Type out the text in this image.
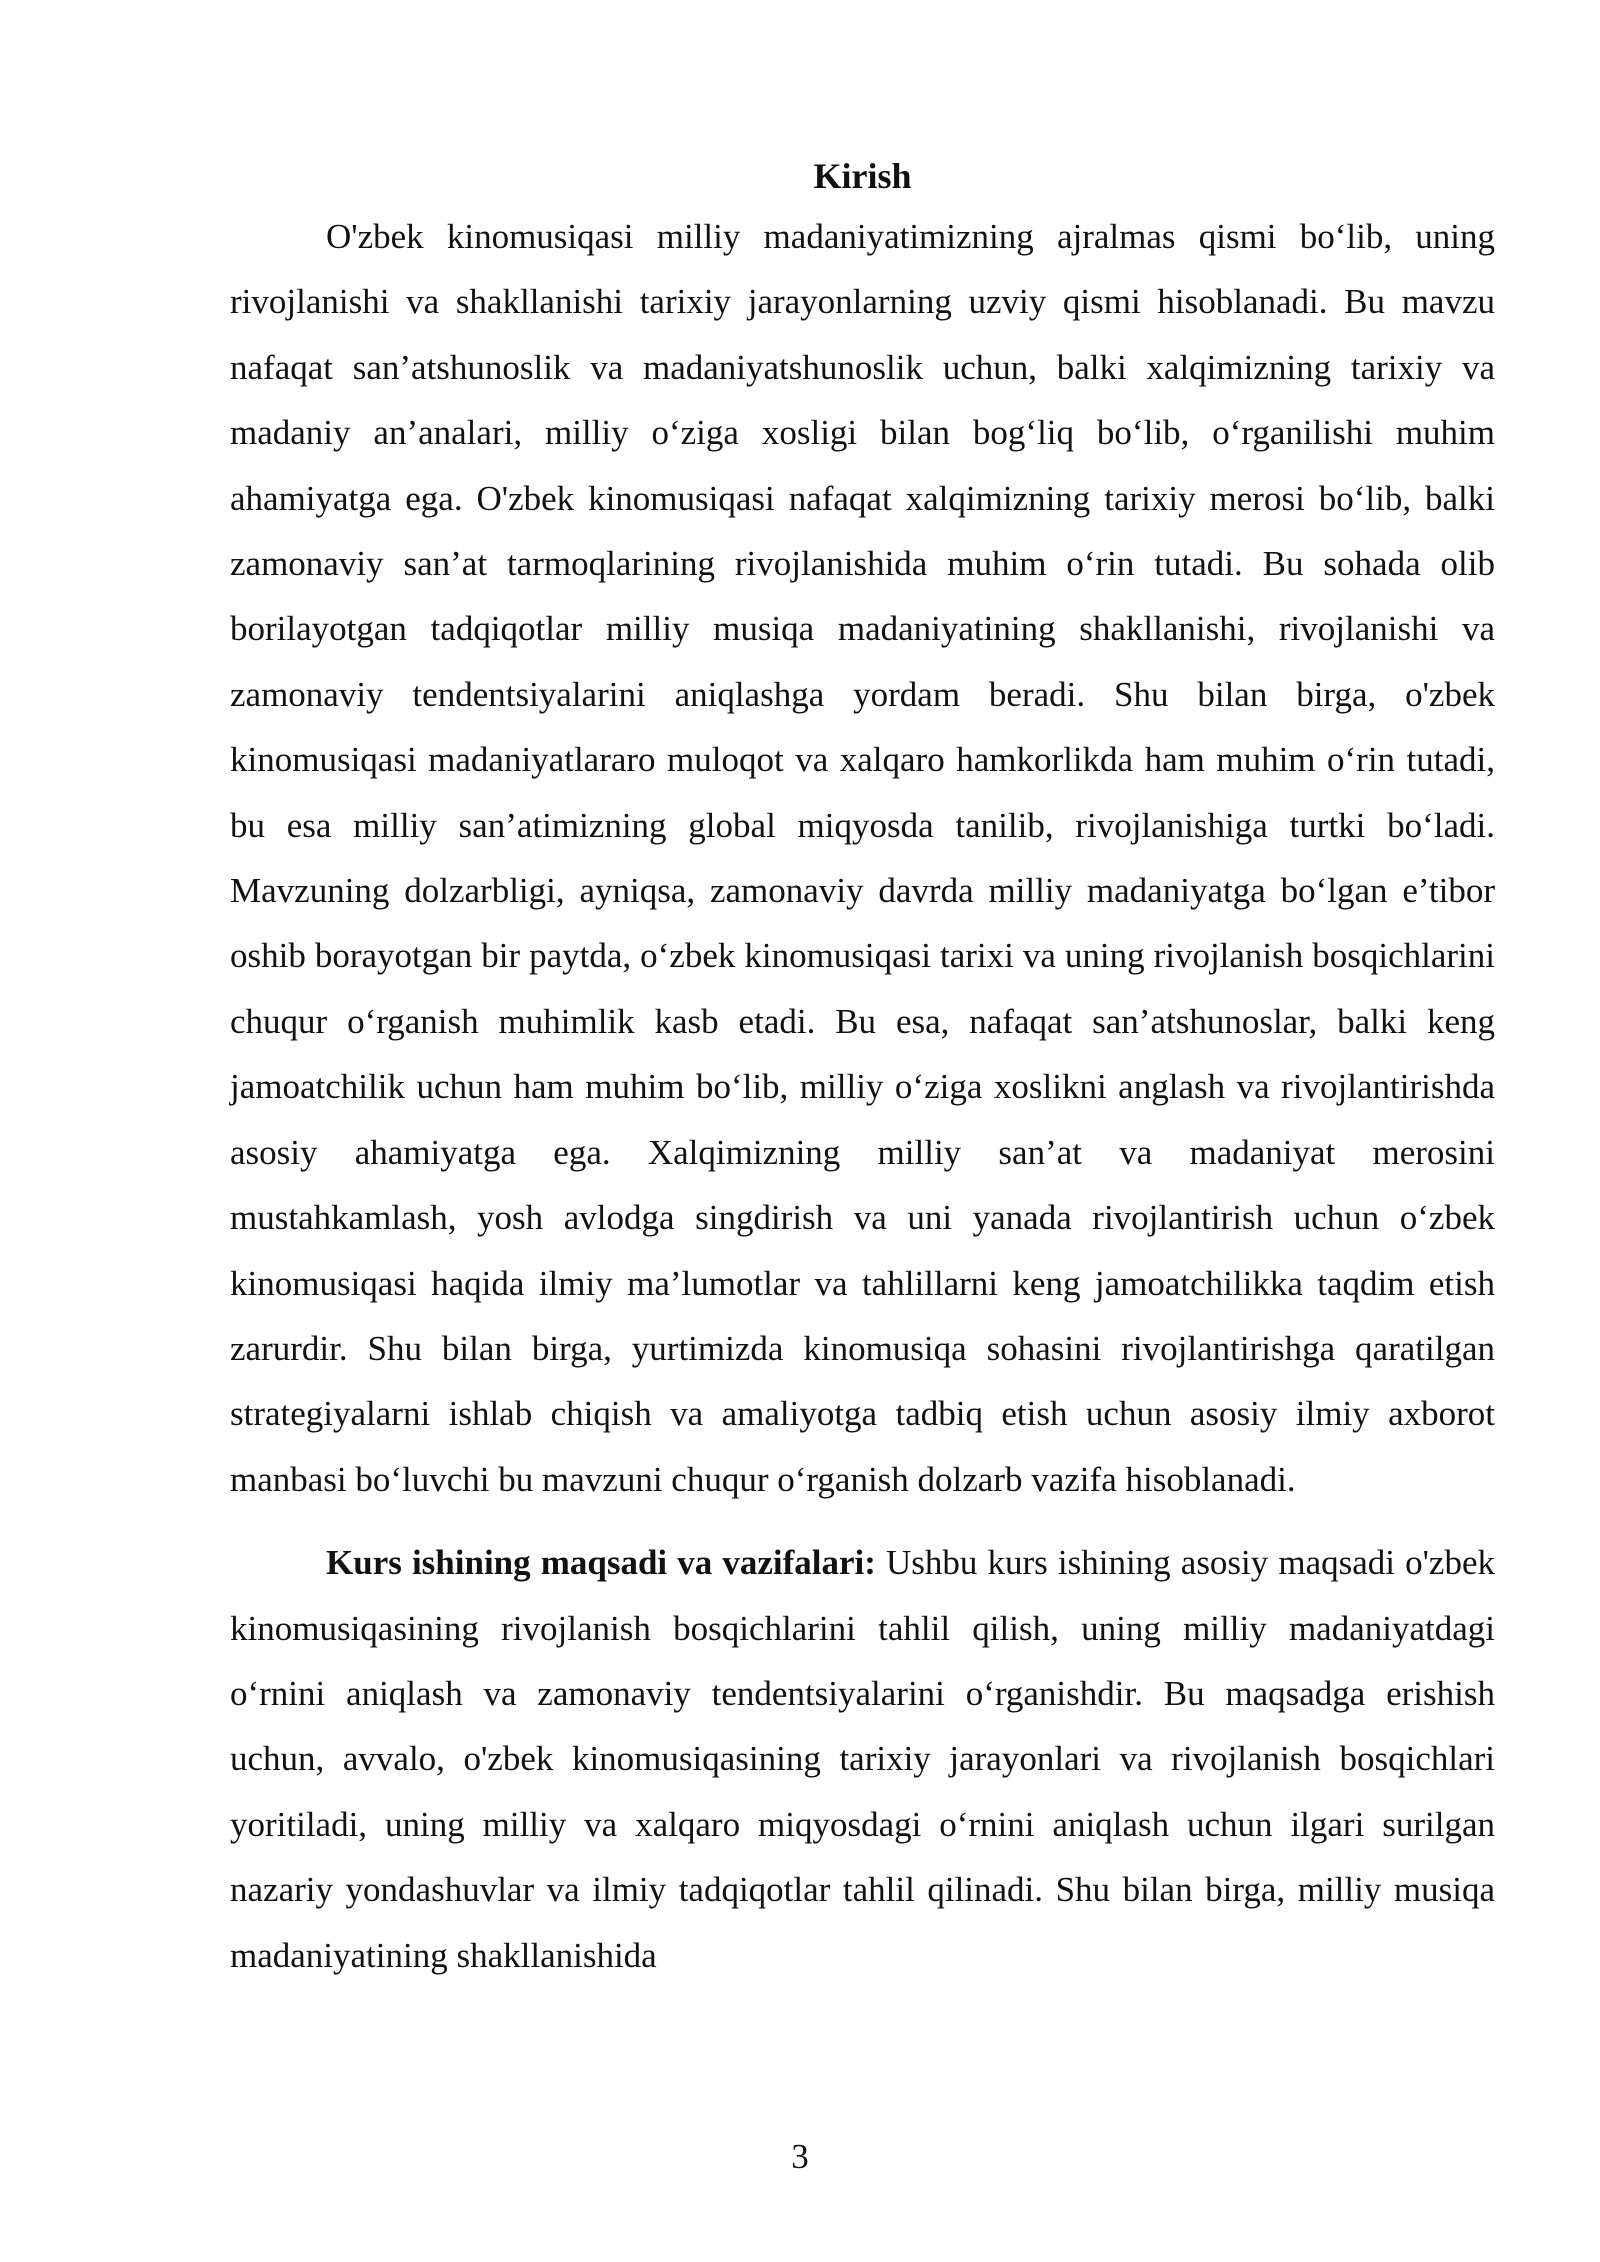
Kirish

O'zbek kinomusiqasi milliy madaniyatimizning ajralmas qismi bo‘lib, uning rivojlanishi va shakllanishi tarixiy jarayonlarning uzviy qismi hisoblanadi. Bu mavzu nafaqat san’atshunoslik va madaniyatshunoslik uchun, balki xalqimizning tarixiy va madaniy an’analari, milliy o‘ziga xosligi bilan bog‘liq bo‘lib, o‘rganilishi muhim ahamiyatga ega. O'zbek kinomusiqasi nafaqat xalqimizning tarixiy merosi bo‘lib, balki zamonaviy san’at tarmoqlarining rivojlanishida muhim o‘rin tutadi. Bu sohada olib borilayotgan tadqiqotlar milliy musiqa madaniyatining shakllanishi, rivojlanishi va zamonaviy tendentsiyalarini aniqlashga yordam beradi. Shu bilan birga, o'zbek kinomusiqasi madaniyatlararo muloqot va xalqaro hamkorlikda ham muhim o‘rin tutadi, bu esa milliy san’atimizning global miqyosda tanilib, rivojlanishiga turtki bo‘ladi. Mavzuning dolzarbligi, ayniqsa, zamonaviy davrda milliy madaniyatga bo‘lgan e’tibor oshib borayotgan bir paytda, o‘zbek kinomusiqasi tarixi va uning rivojlanish bosqichlarini chuqur o‘rganish muhimlik kasb etadi. Bu esa, nafaqat san’atshunoslar, balki keng jamoatchilik uchun ham muhim bo‘lib, milliy o‘ziga xoslikni anglash va rivojlantirishda asosiy ahamiyatga ega. Xalqimizning milliy san’at va madaniyat merosini mustahkamlash, yosh avlodga singdirish va uni yanada rivojlantirish uchun o‘zbek kinomusiqasi haqida ilmiy ma’lumotlar va tahlillarni keng jamoatchilikka taqdim etish zarurdir. Shu bilan birga, yurtimizda kinomusiqa sohasini rivojlantirishga qaratilgan strategiyalarni ishlab chiqish va amaliyotga tadbiq etish uchun asosiy ilmiy axborot manbasi bo‘luvchi bu mavzuni chuqur o‘rganish dolzarb vazifa hisoblanadi.

Kurs ishining maqsadi va vazifalari: Ushbu kurs ishining asosiy maqsadi o'zbek kinomusiqasining rivojlanish bosqichlarini tahlil qilish, uning milliy madaniyatdagi o‘rnini aniqlash va zamonaviy tendentsiyalarini o‘rganishdir. Bu maqsadga erishish uchun, avvalo, o'zbek kinomusiqasining tarixiy jarayonlari va rivojlanish bosqichlari yoritiladi, uning milliy va xalqaro miqyosdagi o‘rnini aniqlash uchun ilgari surilgan nazariy yondashuvlar va ilmiy tadqiqotlar tahlil qilinadi. Shu bilan birga, milliy musiqa madaniyatining shakllanishida

3
